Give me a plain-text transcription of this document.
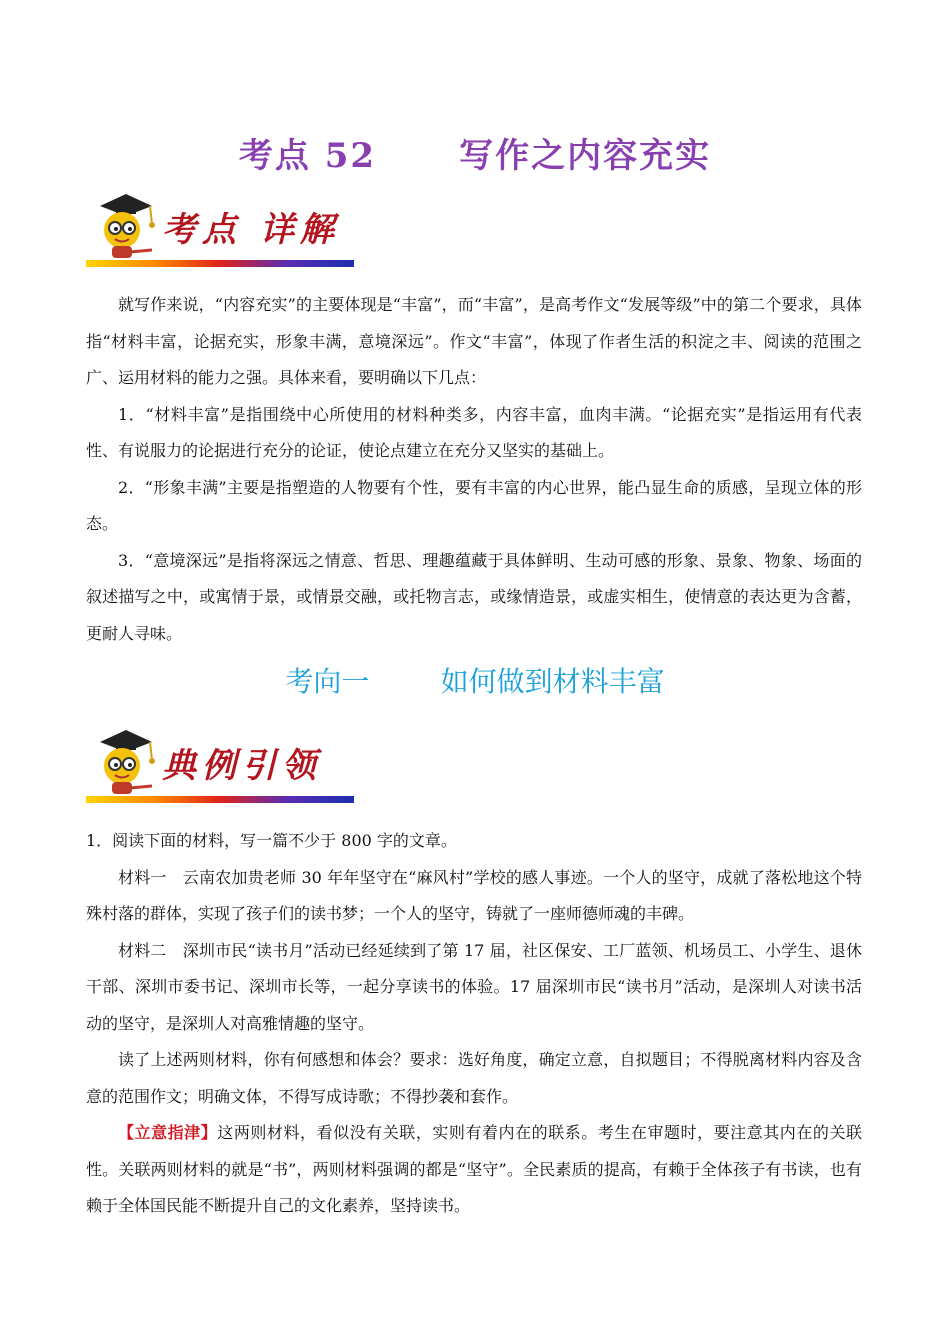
考点 52      写作之内容充实
考点 详解

就写作来说，“内容充实”的主要体现是“丰富”，而“丰富”，是高考作文“发展等级”中的第二个要求，具体指“材料丰富，论据充实，形象丰满，意境深远”。作文“丰富”，体现了作者生活的积淀之丰、阅读的范围之广、运用材料的能力之强。具体来看，要明确以下几点：

1．“材料丰富”是指围绕中心所使用的材料种类多，内容丰富，血肉丰满。“论据充实”是指运用有代表性、有说服力的论据进行充分的论证，使论点建立在充分又坚实的基础上。

2．“形象丰满”主要是指塑造的人物要有个性，要有丰富的内心世界，能凸显生命的质感，呈现立体的形态。

3．“意境深远”是指将深远之情意、哲思、理趣蕴藏于具体鲜明、生动可感的形象、景象、物象、场面的叙述描写之中，或寓情于景，或情景交融，或托物言志，或缘情造景，或虚实相生，使情意的表达更为含蓄，更耐人寻味。

考向一        如何做到材料丰富
典例引领

1．阅读下面的材料，写一篇不少于 800 字的文章。

材料一　云南农加贵老师 30 年年坚守在“麻风村”学校的感人事迹。一个人的坚守，成就了落松地这个特殊村落的群体，实现了孩子们的读书梦；一个人的坚守，铸就了一座师德师魂的丰碑。

材料二　深圳市民“读书月”活动已经延续到了第 17 届，社区保安、工厂蓝领、机场员工、小学生、退休干部、深圳市委书记、深圳市长等，一起分享读书的体验。17 届深圳市民“读书月”活动，是深圳人对读书活动的坚守，是深圳人对高雅情趣的坚守。

读了上述两则材料，你有何感想和体会？要求：选好角度，确定立意，自拟题目；不得脱离材料内容及含意的范围作文；明确文体，不得写成诗歌；不得抄袭和套作。

【立意指津】这两则材料，看似没有关联，实则有着内在的联系。考生在审题时，要注意其内在的关联性。关联两则材料的就是“书”，两则材料强调的都是“坚守”。全民素质的提高，有赖于全体孩子有书读，也有赖于全体国民能不断提升自己的文化素养，坚持读书。
